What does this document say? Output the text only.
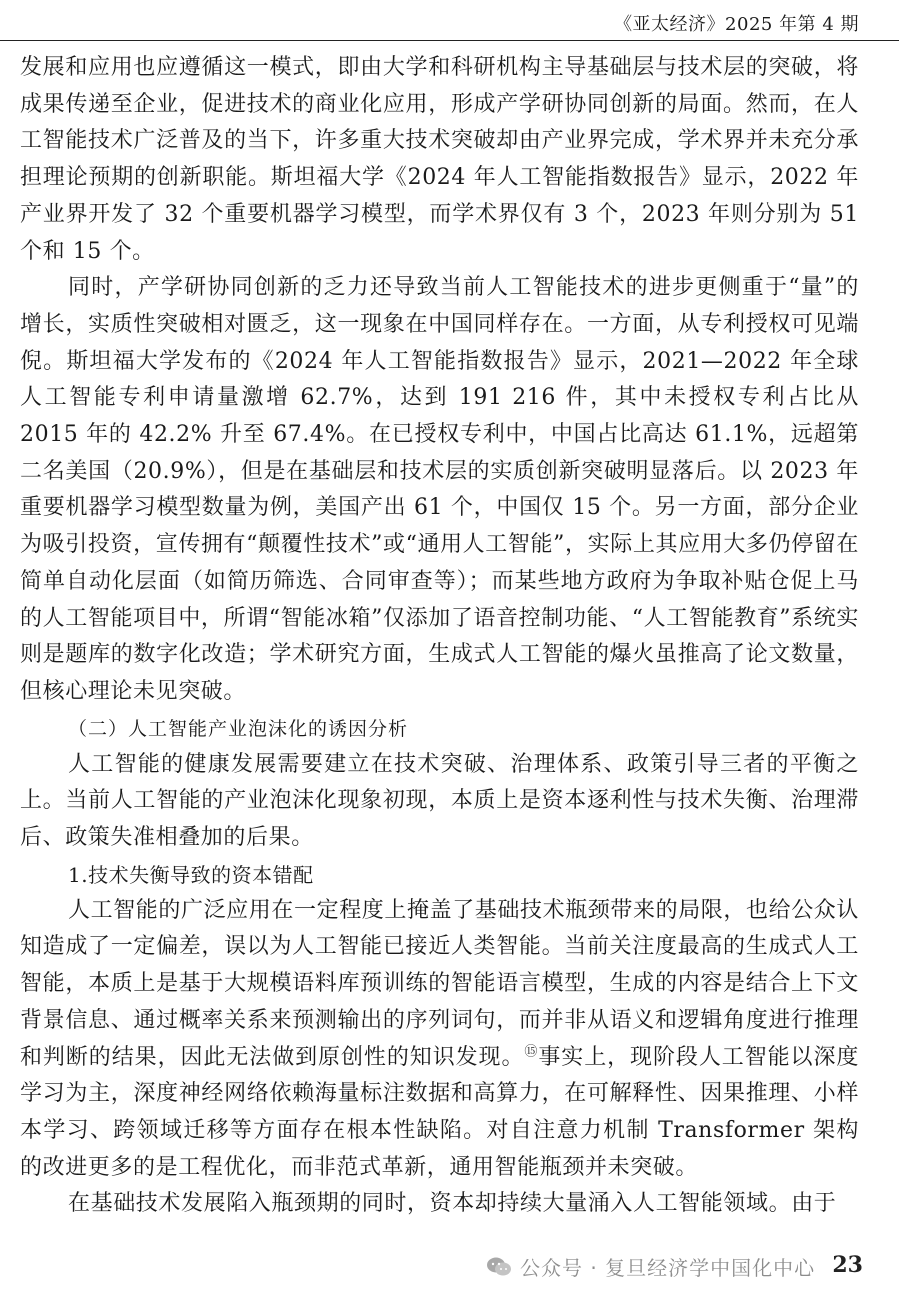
《亚太经济》2025 年第 4 期

发展和应用也应遵循这一模式，即由大学和科研机构主导基础层与技术层的突破，将成果传递至企业，促进技术的商业化应用，形成产学研协同创新的局面。然而，在人工智能技术广泛普及的当下，许多重大技术突破却由产业界完成，学术界并未充分承担理论预期的创新职能。斯坦福大学《2024 年人工智能指数报告》显示，2022 年产业界开发了 32 个重要机器学习模型，而学术界仅有 3 个，2023 年则分别为 51 个和 15 个。

同时，产学研协同创新的乏力还导致当前人工智能技术的进步更侧重于“量”的增长，实质性突破相对匮乏，这一现象在中国同样存在。一方面，从专利授权可见端倪。斯坦福大学发布的《2024 年人工智能指数报告》显示，2021—2022 年全球人工智能专利申请量激增 62.7%，达到 191 216 件，其中未授权专利占比从 2015 年的 42.2% 升至 67.4%。在已授权专利中，中国占比高达 61.1%，远超第二名美国（20.9%），但是在基础层和技术层的实质创新突破明显落后。以 2023 年重要机器学习模型数量为例，美国产出 61 个，中国仅 15 个。另一方面，部分企业为吸引投资，宣传拥有“颠覆性技术”或“通用人工智能”，实际上其应用大多仍停留在简单自动化层面（如简历筛选、合同审查等）；而某些地方政府为争取补贴仓促上马的人工智能项目中，所谓“智能冰箱”仅添加了语音控制功能、“人工智能教育”系统实则是题库的数字化改造；学术研究方面，生成式人工智能的爆火虽推高了论文数量，但核心理论未见突破。

（二）人工智能产业泡沫化的诱因分析

人工智能的健康发展需要建立在技术突破、治理体系、政策引导三者的平衡之上。当前人工智能的产业泡沫化现象初现，本质上是资本逐利性与技术失衡、治理滞后、政策失准相叠加的后果。

1.技术失衡导致的资本错配

人工智能的广泛应用在一定程度上掩盖了基础技术瓶颈带来的局限，也给公众认知造成了一定偏差，误以为人工智能已接近人类智能。当前关注度最高的生成式人工智能，本质上是基于大规模语料库预训练的智能语言模型，生成的内容是结合上下文背景信息、通过概率关系来预测输出的序列词句，而并非从语义和逻辑角度进行推理和判断的结果，因此无法做到原创性的知识发现。⑮事实上，现阶段人工智能以深度学习为主，深度神经网络依赖海量标注数据和高算力，在可解释性、因果推理、小样本学习、跨领域迁移等方面存在根本性缺陷。对自注意力机制 Transformer 架构的改进更多的是工程优化，而非范式革新，通用智能瓶颈并未突破。

在基础技术发展陷入瓶颈期的同时，资本却持续大量涌入人工智能领域。由于

公众号 · 复旦经济学中国化中心 23
